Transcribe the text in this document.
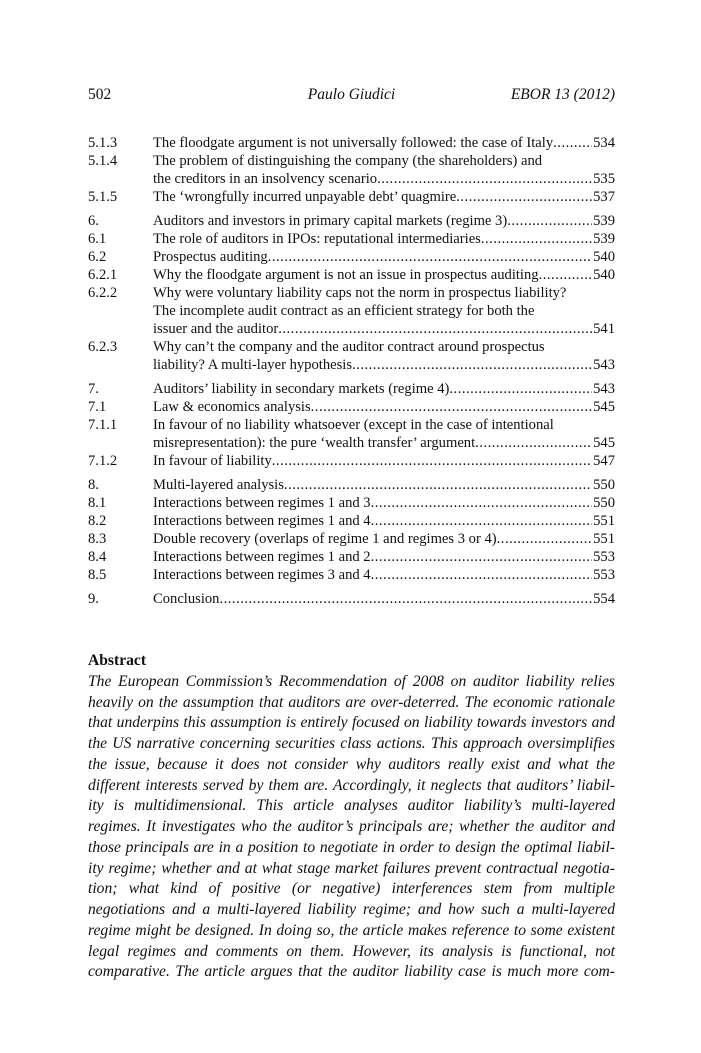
502	Paulo Giudici	EBOR 13 (2012)
5.1.3	The floodgate argument is not universally followed: the case of Italy .....	534
5.1.4	The problem of distinguishing the company (the shareholders) and
the creditors in an insolvency scenario .....	535
5.1.5	The ‘wrongfully incurred unpayable debt’ quagmire .....	537
6.	Auditors and investors in primary capital markets (regime 3) .....	539
6.1	The role of auditors in IPOs: reputational intermediaries .....	539
6.2	Prospectus auditing .....	540
6.2.1	Why the floodgate argument is not an issue in prospectus auditing .....	540
6.2.2	Why were voluntary liability caps not the norm in prospectus liability?
The incomplete audit contract as an efficient strategy for both the
issuer and the auditor .....	541
6.2.3	Why can’t the company and the auditor contract around prospectus
liability? A multi-layer hypothesis .....	543
7.	Auditors’ liability in secondary markets (regime 4) .....	543
7.1	Law & economics analysis .....	545
7.1.1	In favour of no liability whatsoever (except in the case of intentional
misrepresentation): the pure ‘wealth transfer’ argument .....	545
7.1.2	In favour of liability .....	547
8.	Multi-layered analysis .....	550
8.1	Interactions between regimes 1 and 3 .....	550
8.2	Interactions between regimes 1 and 4 .....	551
8.3	Double recovery (overlaps of regime 1 and regimes 3 or 4) .....	551
8.4	Interactions between regimes 1 and 2 .....	553
8.5	Interactions between regimes 3 and 4 .....	553
9.	Conclusion .....	554
Abstract

The European Commission’s Recommendation of 2008 on auditor liability relies

heavily on the assumption that auditors are over-deterred. The economic rationale

that underpins this assumption is entirely focused on liability towards investors and

the US narrative concerning securities class actions. This approach oversimplifies

the issue, because it does not consider why auditors really exist and what the

different interests served by them are. Accordingly, it neglects that auditors’ liabil-

ity is multidimensional. This article analyses auditor liability’s multi-layered

regimes. It investigates who the auditor’s principals are; whether the auditor and

those principals are in a position to negotiate in order to design the optimal liabil-

ity regime; whether and at what stage market failures prevent contractual negotia-

tion; what kind of positive (or negative) interferences stem from multiple

negotiations and a multi-layered liability regime; and how such a multi-layered

regime might be designed. In doing so, the article makes reference to some existent

legal regimes and comments on them. However, its analysis is functional, not

comparative. The article argues that the auditor liability case is much more com-
